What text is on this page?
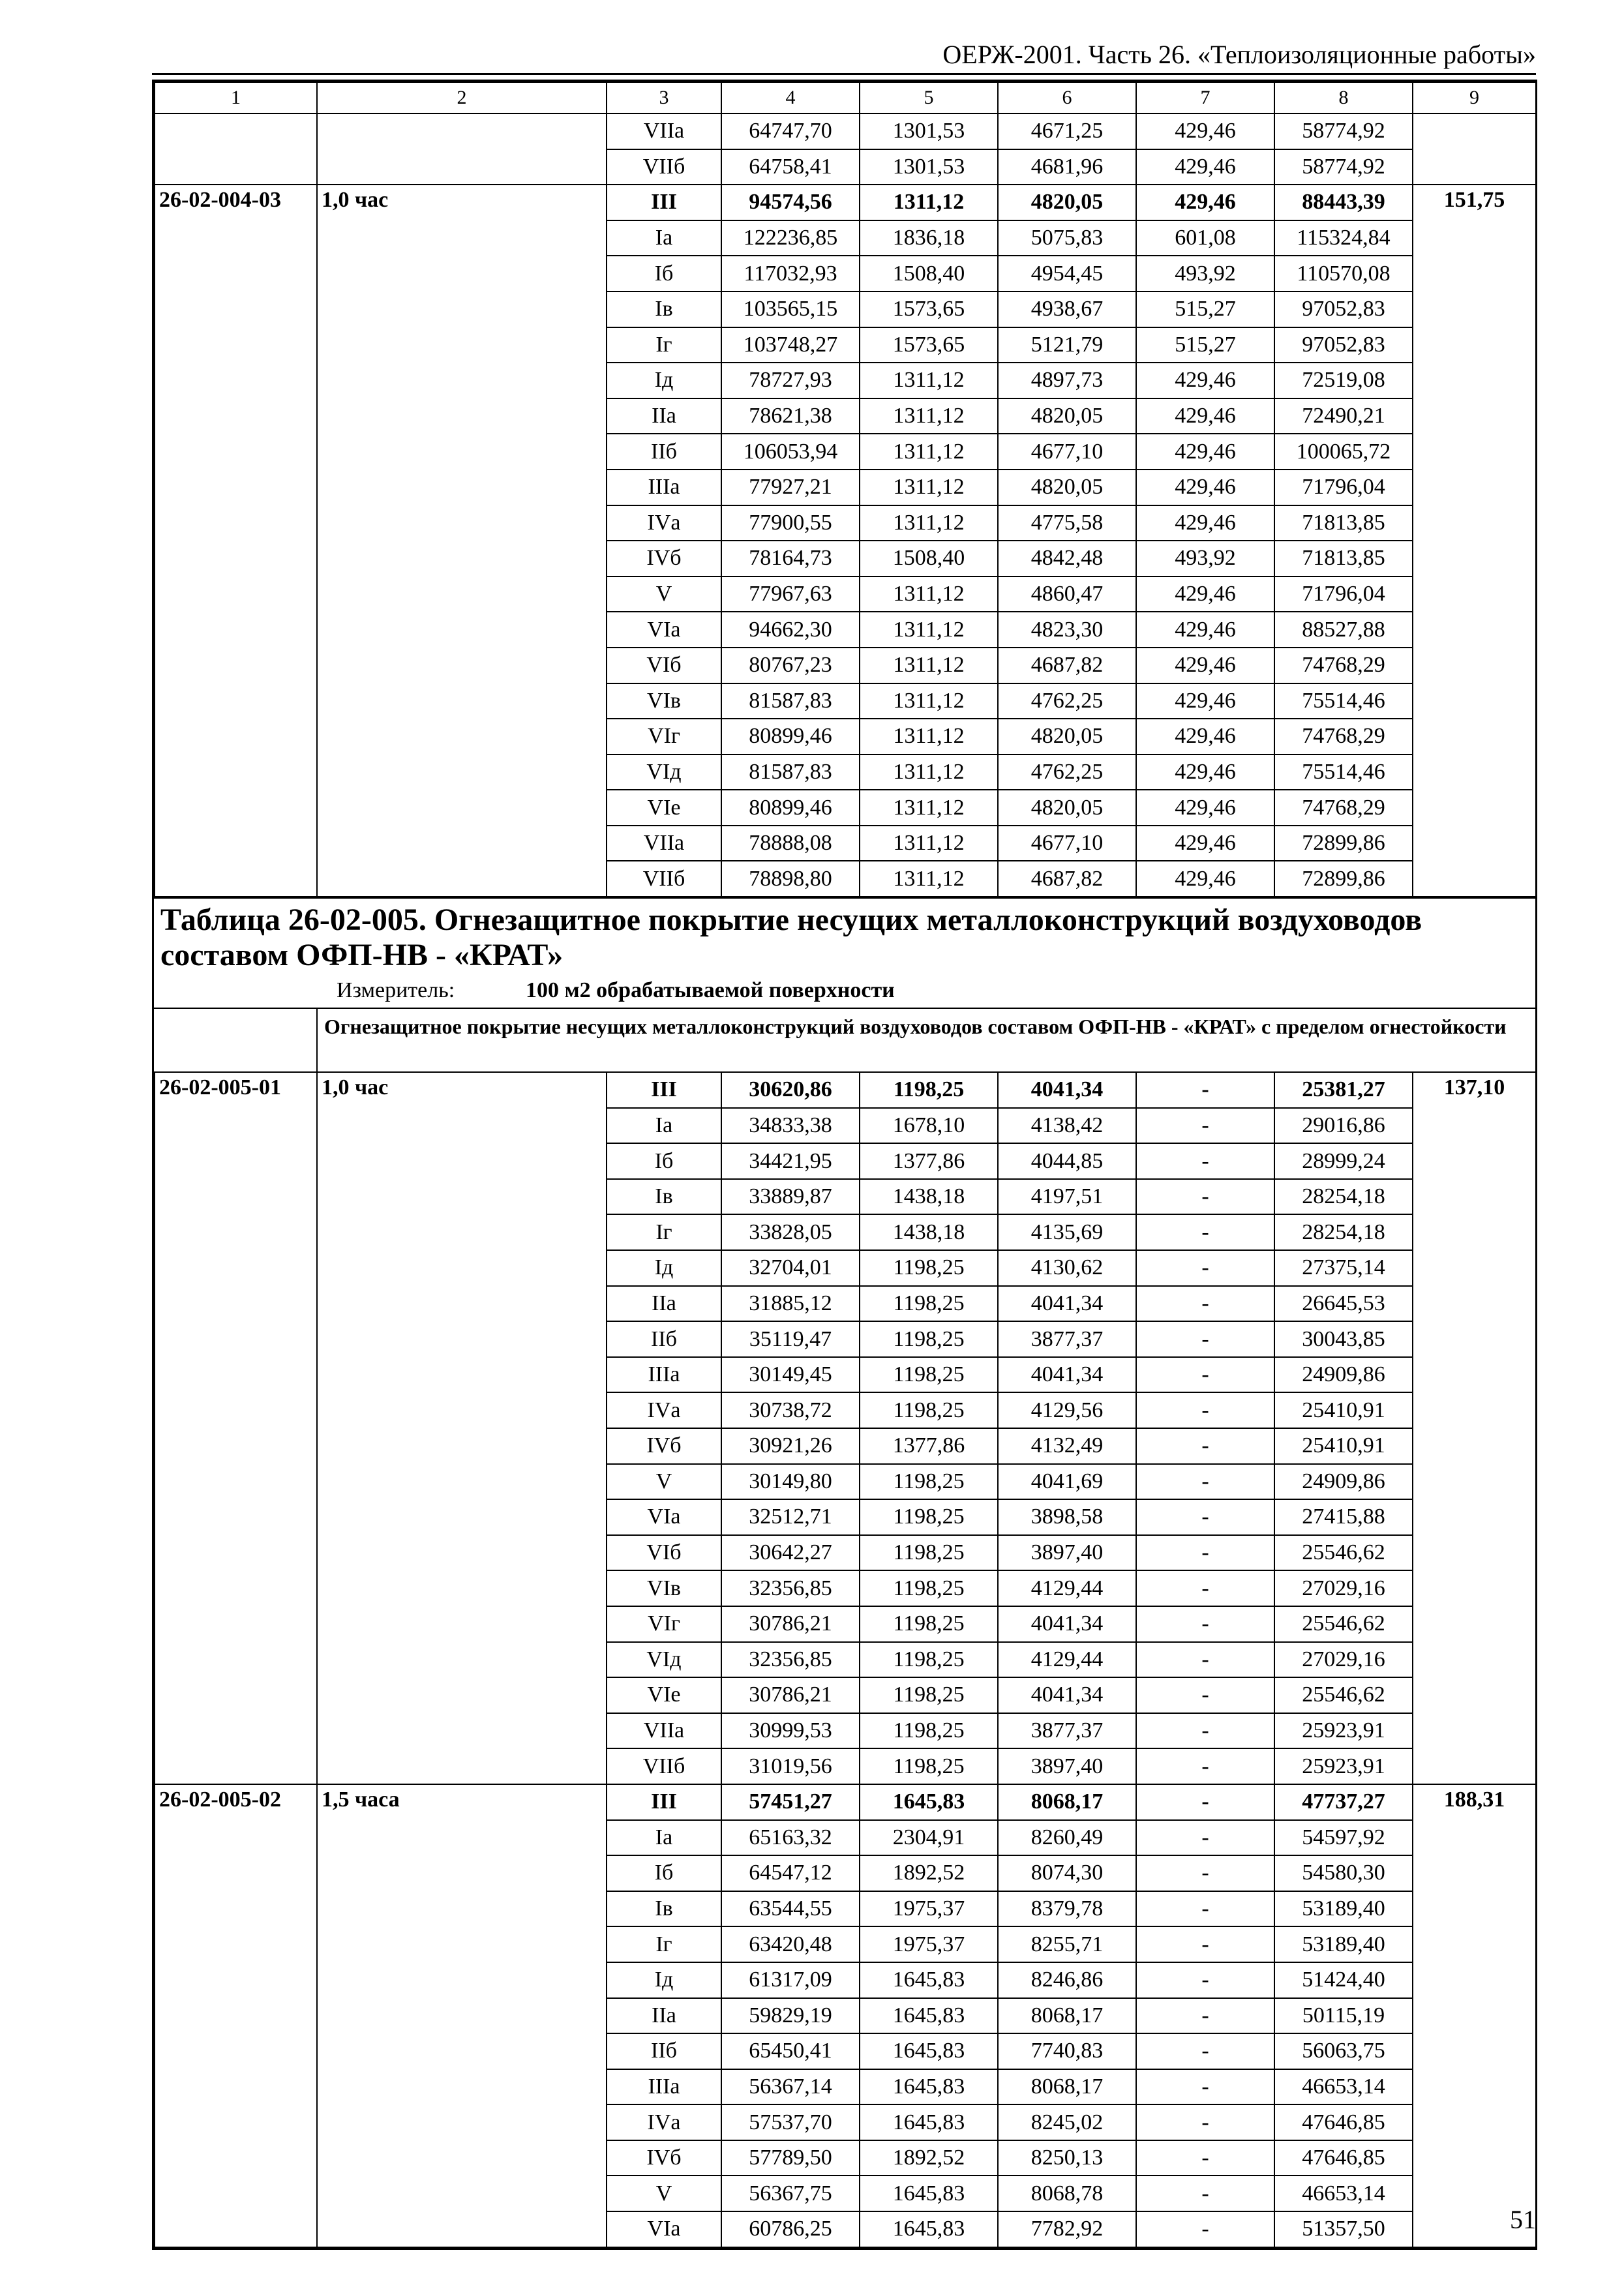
ОЕРЖ-2001. Часть 26. «Теплоизоляционные работы»
1	2	3	4	5	6	7	8	9
		VIIа	64747,70	1301,53	4671,25	429,46	58774,92	
		VIIб	64758,41	1301,53	4681,96	429,46	58774,92	
26-02-004-03	1,0 час	III	94574,56	1311,12	4820,05	429,46	88443,39	151,75
		Iа	122236,85	1836,18	5075,83	601,08	115324,84	
		Iб	117032,93	1508,40	4954,45	493,92	110570,08	
		Iв	103565,15	1573,65	4938,67	515,27	97052,83	
		Iг	103748,27	1573,65	5121,79	515,27	97052,83	
		Iд	78727,93	1311,12	4897,73	429,46	72519,08	
		IIа	78621,38	1311,12	4820,05	429,46	72490,21	
		IIб	106053,94	1311,12	4677,10	429,46	100065,72	
		IIIа	77927,21	1311,12	4820,05	429,46	71796,04	
		IVа	77900,55	1311,12	4775,58	429,46	71813,85	
		IVб	78164,73	1508,40	4842,48	493,92	71813,85	
		V	77967,63	1311,12	4860,47	429,46	71796,04	
		VIа	94662,30	1311,12	4823,30	429,46	88527,88	
		VIб	80767,23	1311,12	4687,82	429,46	74768,29	
		VIв	81587,83	1311,12	4762,25	429,46	75514,46	
		VIг	80899,46	1311,12	4820,05	429,46	74768,29	
		VIд	81587,83	1311,12	4762,25	429,46	75514,46	
		VIе	80899,46	1311,12	4820,05	429,46	74768,29	
		VIIа	78888,08	1311,12	4677,10	429,46	72899,86	
		VIIб	78898,80	1311,12	4687,82	429,46	72899,86	
Таблица 26-02-005. Огнезащитное покрытие несущих металлоконструкций воздуховодов составом ОФП-НВ - «КРАТ»
Измеритель:	100 м2 обрабатываемой поверхности
Огнезащитное покрытие несущих металлоконструкций воздуховодов составом ОФП-НВ - «КРАТ» с пределом огнестойкости
26-02-005-01	1,0 час	III	30620,86	1198,25	4041,34	-	25381,27	137,10
		Iа	34833,38	1678,10	4138,42	-	29016,86	
		Iб	34421,95	1377,86	4044,85	-	28999,24	
		Iв	33889,87	1438,18	4197,51	-	28254,18	
		Iг	33828,05	1438,18	4135,69	-	28254,18	
		Iд	32704,01	1198,25	4130,62	-	27375,14	
		IIа	31885,12	1198,25	4041,34	-	26645,53	
		IIб	35119,47	1198,25	3877,37	-	30043,85	
		IIIа	30149,45	1198,25	4041,34	-	24909,86	
		IVа	30738,72	1198,25	4129,56	-	25410,91	
		IVб	30921,26	1377,86	4132,49	-	25410,91	
		V	30149,80	1198,25	4041,69	-	24909,86	
		VIа	32512,71	1198,25	3898,58	-	27415,88	
		VIб	30642,27	1198,25	3897,40	-	25546,62	
		VIв	32356,85	1198,25	4129,44	-	27029,16	
		VIг	30786,21	1198,25	4041,34	-	25546,62	
		VIд	32356,85	1198,25	4129,44	-	27029,16	
		VIе	30786,21	1198,25	4041,34	-	25546,62	
		VIIа	30999,53	1198,25	3877,37	-	25923,91	
		VIIб	31019,56	1198,25	3897,40	-	25923,91	
26-02-005-02	1,5 часа	III	57451,27	1645,83	8068,17	-	47737,27	188,31
		Iа	65163,32	2304,91	8260,49	-	54597,92	
		Iб	64547,12	1892,52	8074,30	-	54580,30	
		Iв	63544,55	1975,37	8379,78	-	53189,40	
		Iг	63420,48	1975,37	8255,71	-	53189,40	
		Iд	61317,09	1645,83	8246,86	-	51424,40	
		IIа	59829,19	1645,83	8068,17	-	50115,19	
		IIб	65450,41	1645,83	7740,83	-	56063,75	
		IIIа	56367,14	1645,83	8068,17	-	46653,14	
		IVа	57537,70	1645,83	8245,02	-	47646,85	
		IVб	57789,50	1892,52	8250,13	-	47646,85	
		V	56367,75	1645,83	8068,78	-	46653,14	
		VIа	60786,25	1645,83	7782,92	-	51357,50		51
